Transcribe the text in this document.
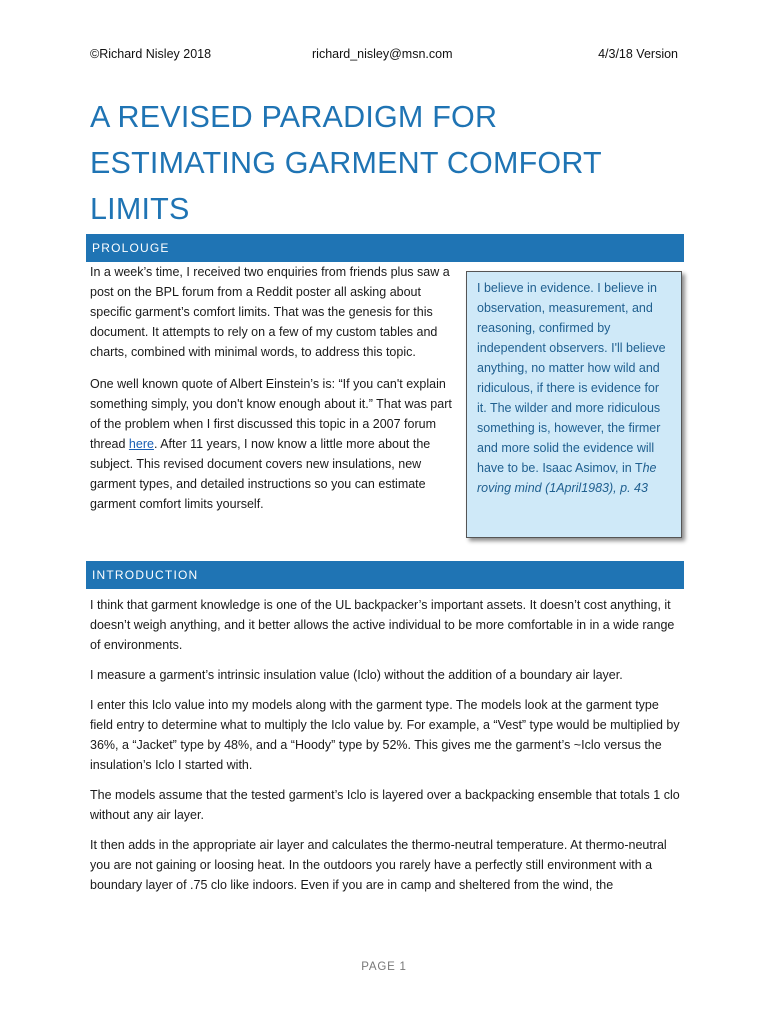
©Richard Nisley 2018	richard_nisley@msn.com	4/3/18 Version
A REVISED PARADIGM FOR
ESTIMATING GARMENT COMFORT
LIMITS
PROLOUGE

In a week’s time, I received two enquiries from friends plus saw a post on the BPL forum from a Reddit poster all asking about specific garment’s comfort limits. That was the genesis for this document. It attempts to rely on a few of my custom tables and charts, combined with minimal words, to address this topic.

One well known quote of Albert Einstein’s is: “If you can't explain something simply, you don't know enough about it.” That was part of the problem when I first discussed this topic in a 2007 forum thread here. After 11 years, I now know a little more about the subject. This revised document covers new insulations, new garment types, and detailed instructions so you can estimate garment comfort limits yourself.

I believe in evidence. I believe in observation, measurement, and reasoning, confirmed by independent observers. I'll believe anything, no matter how wild and ridiculous, if there is evidence for it. The wilder and more ridiculous something is, however, the firmer and more solid the evidence will have to be. Isaac Asimov, in The roving mind (1April1983), p. 43
INTRODUCTION

I think that garment knowledge is one of the UL backpacker’s important assets. It doesn’t cost anything, it doesn’t weigh anything, and it better allows the active individual to be more comfortable in in a wide range of environments.

I measure a garment’s intrinsic insulation value (Iclo) without the addition of a boundary air layer.

I enter this Iclo value into my models along with the garment type. The models look at the garment type field entry to determine what to multiply the Iclo value by. For example, a “Vest” type would be multiplied by 36%, a “Jacket” type by 48%, and a “Hoody” type by 52%. This gives me the garment’s ~Iclo versus the insulation’s Iclo I started with.

The models assume that the tested garment’s Iclo is layered over a backpacking ensemble that totals 1 clo without any air layer.

It then adds in the appropriate air layer and calculates the thermo-neutral temperature. At thermo-neutral you are not gaining or loosing heat. In the outdoors you rarely have a perfectly still environment with a boundary layer of .75 clo like indoors. Even if you are in camp and sheltered from the wind, the

PAGE 1
